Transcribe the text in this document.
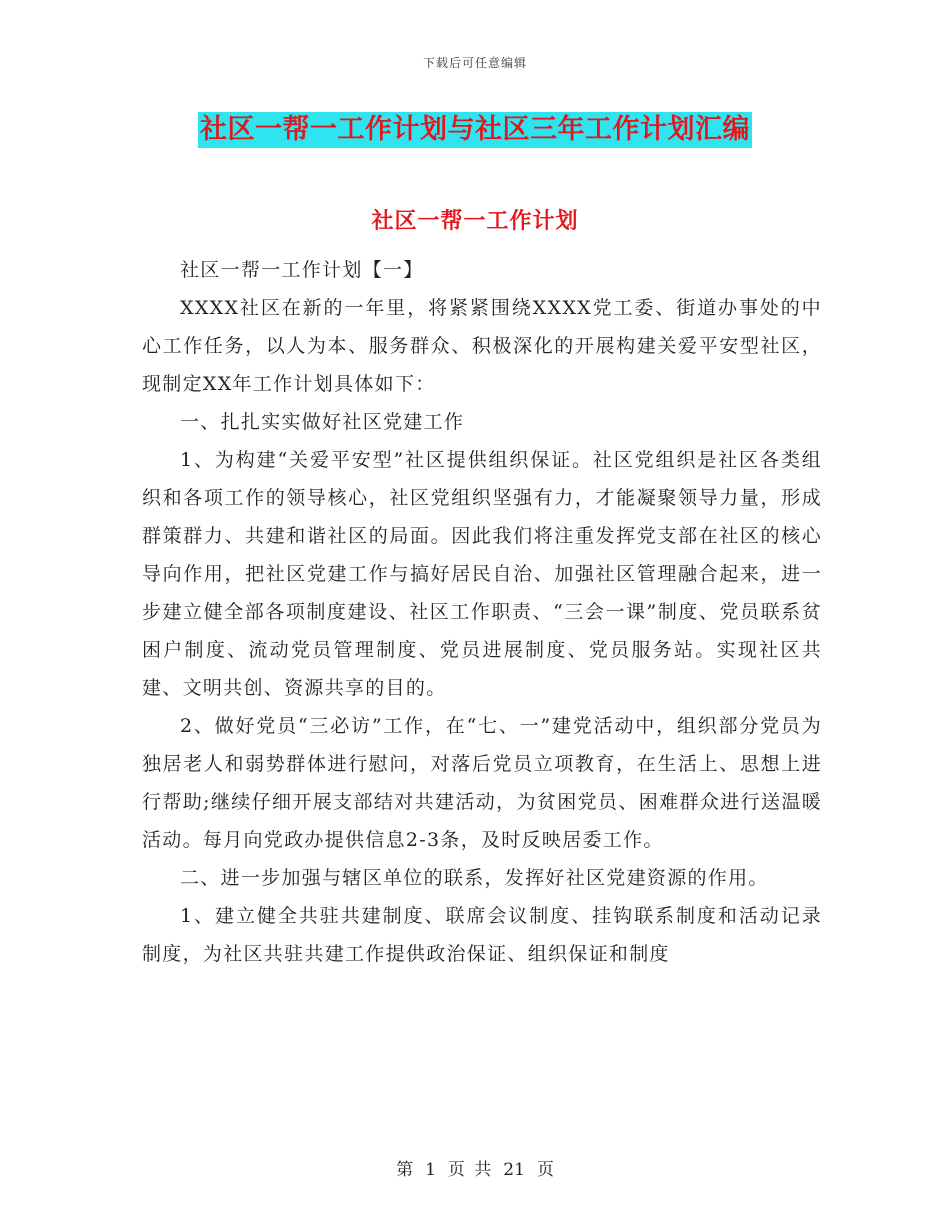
下载后可任意编辑
社区一帮一工作计划与社区三年工作计划汇编
社区一帮一工作计划

社区一帮一工作计划【一】

XXXX社区在新的一年里，将紧紧围绕XXXX党工委、街道办事处的中心工作任务，以人为本、服务群众、积极深化的开展构建关爱平安型社区，现制定XX年工作计划具体如下：

一、扎扎实实做好社区党建工作

1、为构建“关爱平安型”社区提供组织保证。社区党组织是社区各类组织和各项工作的领导核心，社区党组织坚强有力，才能凝聚领导力量，形成群策群力、共建和谐社区的局面。因此我们将注重发挥党支部在社区的核心导向作用，把社区党建工作与搞好居民自治、加强社区管理融合起来，进一步建立健全部各项制度建设、社区工作职责、“三会一课”制度、党员联系贫困户制度、流动党员管理制度、党员进展制度、党员服务站。实现社区共建、文明共创、资源共享的目的。

2、做好党员“三必访”工作，在“七、一”建党活动中，组织部分党员为独居老人和弱势群体进行慰问，对落后党员立项教育，在生活上、思想上进行帮助;继续仔细开展支部结对共建活动，为贫困党员、困难群众进行送温暖活动。每月向党政办提供信息2-3条，及时反映居委工作。

二、进一步加强与辖区单位的联系，发挥好社区党建资源的作用。

1、建立健全共驻共建制度、联席会议制度、挂钩联系制度和活动记录制度，为社区共驻共建工作提供政治保证、组织保证和制度

第 1 页 共 21 页
